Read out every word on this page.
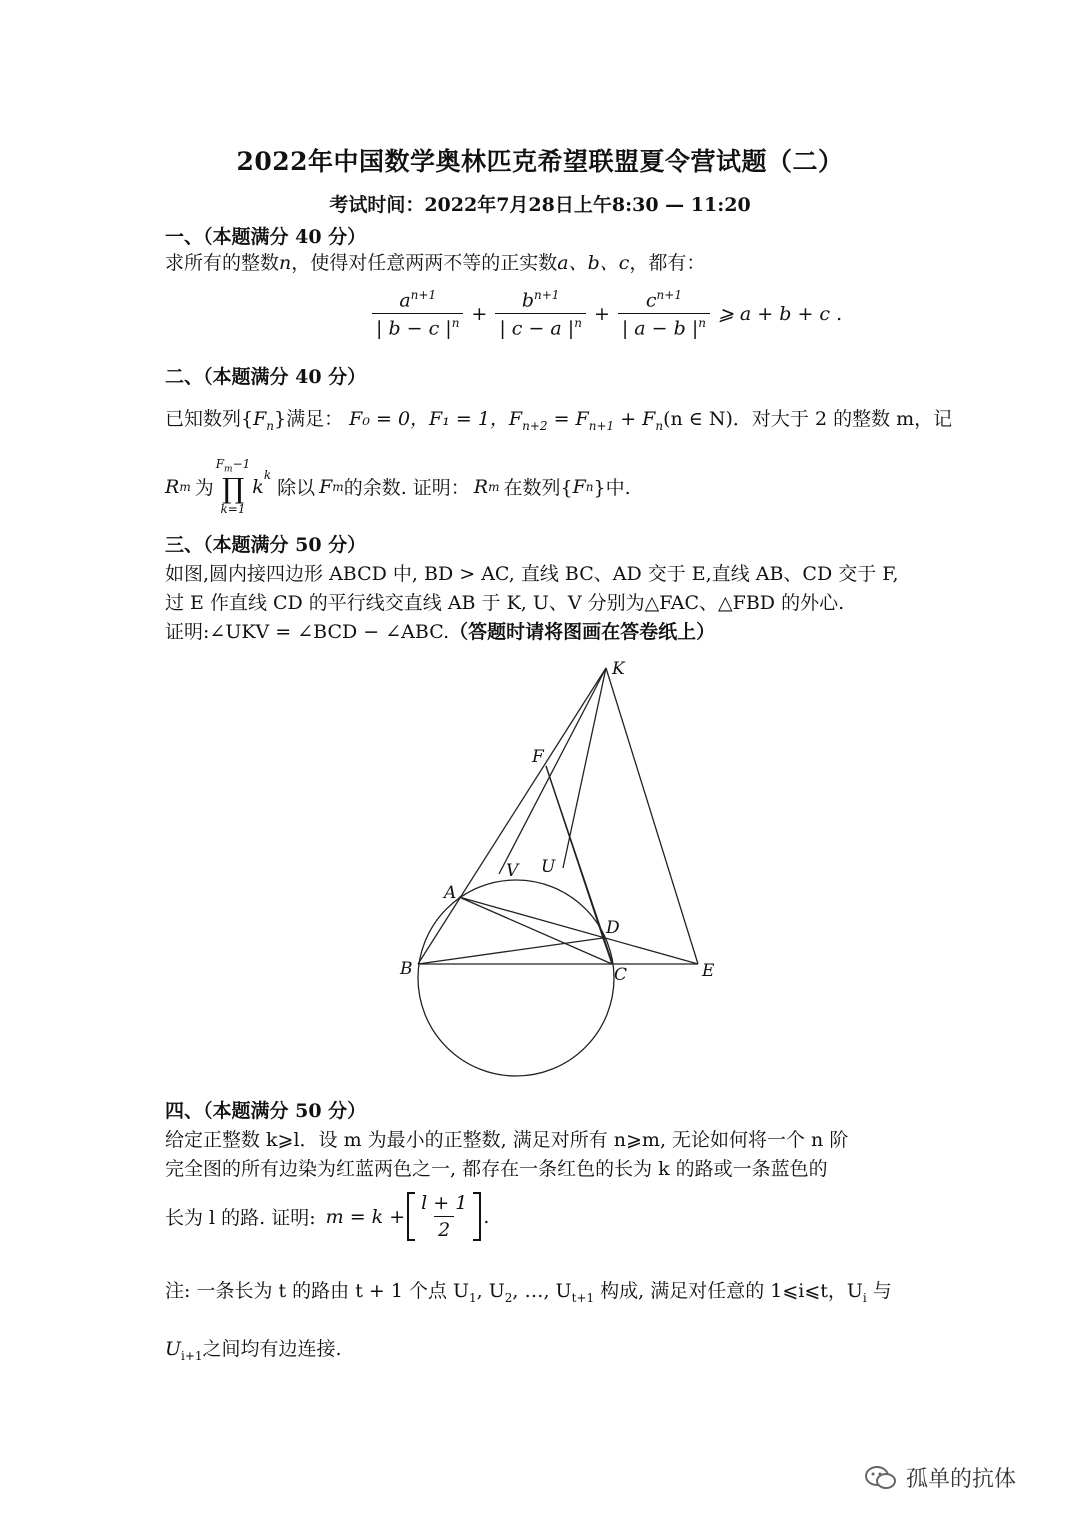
2022年中国数学奥林匹克希望联盟夏令营试题（二）
考试时间：2022年7月28日上午8:30 — 11:20
一、（本题满分 40 分）
求所有的整数n，使得对任意两两不等的正实数a、b、c，都有：
$\frac{a^{n+1}}{| b - c |^n} + \frac{b^{n+1}}{| c - a |^n} + \frac{c^{n+1}}{| a - b |^n}$ ⩾ a + b + c .
二、（本题满分 40 分）
已知数列$\{F_n\}$满足： F₀ = 0，F₁ = 1，$F_{n+2} = F_{n+1} + F_n(n$ ∈ N)．对大于 2 的整数 m，记
R m 为
$F_m-1$
∏
k=1
k
$^k$
除以 F m 的余数. 证明： R m 在数列{ F n }中.
三、（本题满分 50 分）
如图,圆内接四边形 ABCD 中, BD > AC, 直线 BC、AD 交于 E,直线 AB、CD 交于 F,
过 E 作直线 CD 的平行线交直线 AB 于 K, U、V 分别为△FAC、△FBD 的外心.
证明:∠UKV = ∠BCD − ∠ABC.（答题时请将图画在答卷纸上）
K
F
V U
A
D
B	C	E
四、（本题满分 50 分）
给定正整数 k⩾l．设 m 为最小的正整数, 满足对所有 n⩾m, 无论如何将一个 n 阶
完全图的所有边染为红蓝两色之一, 都存在一条红色的长为 k 的路或一条蓝色的
长为 l 的路. 证明: $m = k + \frac{l + 1}{2}$ .
注: 一条长为 t 的路由 t + 1 个点 $U_1$, $U_2$, …, $U_{t+1}$ 构成, 满足对任意的 1⩽i⩽t，$U_i$ 与
$U_{i+1}$之间均有边连接.
孤单的抗体
